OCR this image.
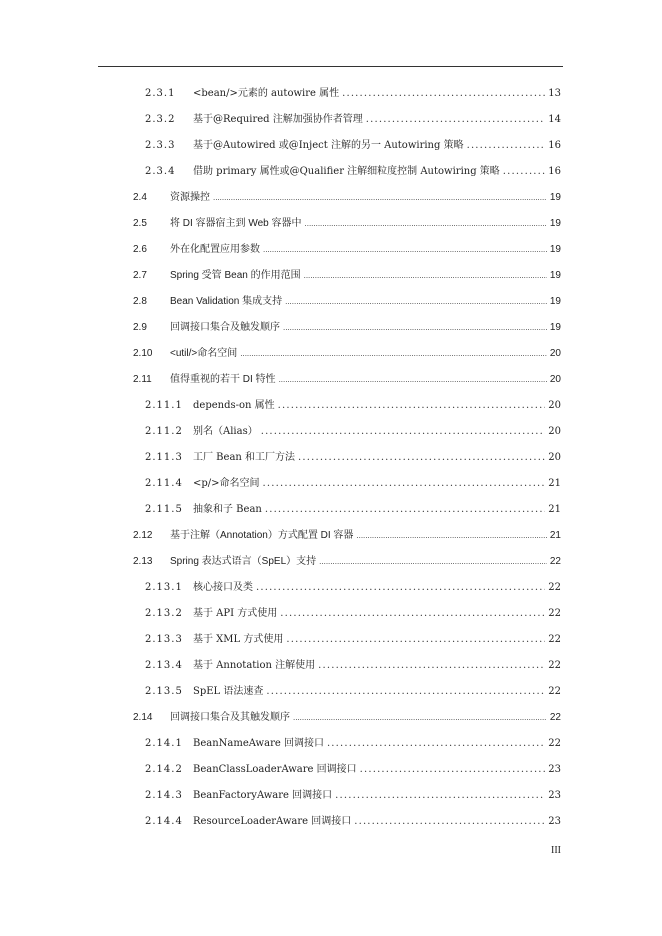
2.3.1	<bean/>元素的 autowire 属性 . . .	13
2.3.2	基于@Required 注解加强协作者管理 . . .	14
2.3.3	基于@Autowired 或@Inject 注解的另一 Autowiring 策略 . . .	16
2.3.4	借助 primary 属性或@Qualifier 注解细粒度控制 Autowiring 策略 . . .	16
2.4	资源操控 .....	19
2.5	将 DI 容器宿主到 Web 容器中 .....	19
2.6	外在化配置应用参数 .....	19
2.7	Spring 受管 Bean 的作用范围 .....	19
2.8	Bean Validation 集成支持 .....	19
2.9	回调接口集合及触发顺序 .....	19
2.10	<util/>命名空间 .....	20
2.11	值得重视的若干 DI 特性 .....	20
2.11.1	depends-on 属性 . . .	20
2.11.2	别名（Alias） . . .	20
2.11.3	工厂 Bean 和工厂方法 . . .	20
2.11.4	<p/>命名空间 . . .	21
2.11.5	抽象和子 Bean . . .	21
2.12	基于注解（Annotation）方式配置 DI 容器 .....	21
2.13	Spring 表达式语言（SpEL）支持 .....	22
2.13.1	核心接口及类 . . .	22
2.13.2	基于 API 方式使用 . . .	22
2.13.3	基于 XML 方式使用 . . .	22
2.13.4	基于 Annotation 注解使用 . . .	22
2.13.5	SpEL 语法速查 . . .	22
2.14	回调接口集合及其触发顺序 .....	22
2.14.1	BeanNameAware 回调接口 . . .	22
2.14.2	BeanClassLoaderAware 回调接口 . . .	23
2.14.3	BeanFactoryAware 回调接口 . . .	23
2.14.4	ResourceLoaderAware 回调接口 . . .	23
III
